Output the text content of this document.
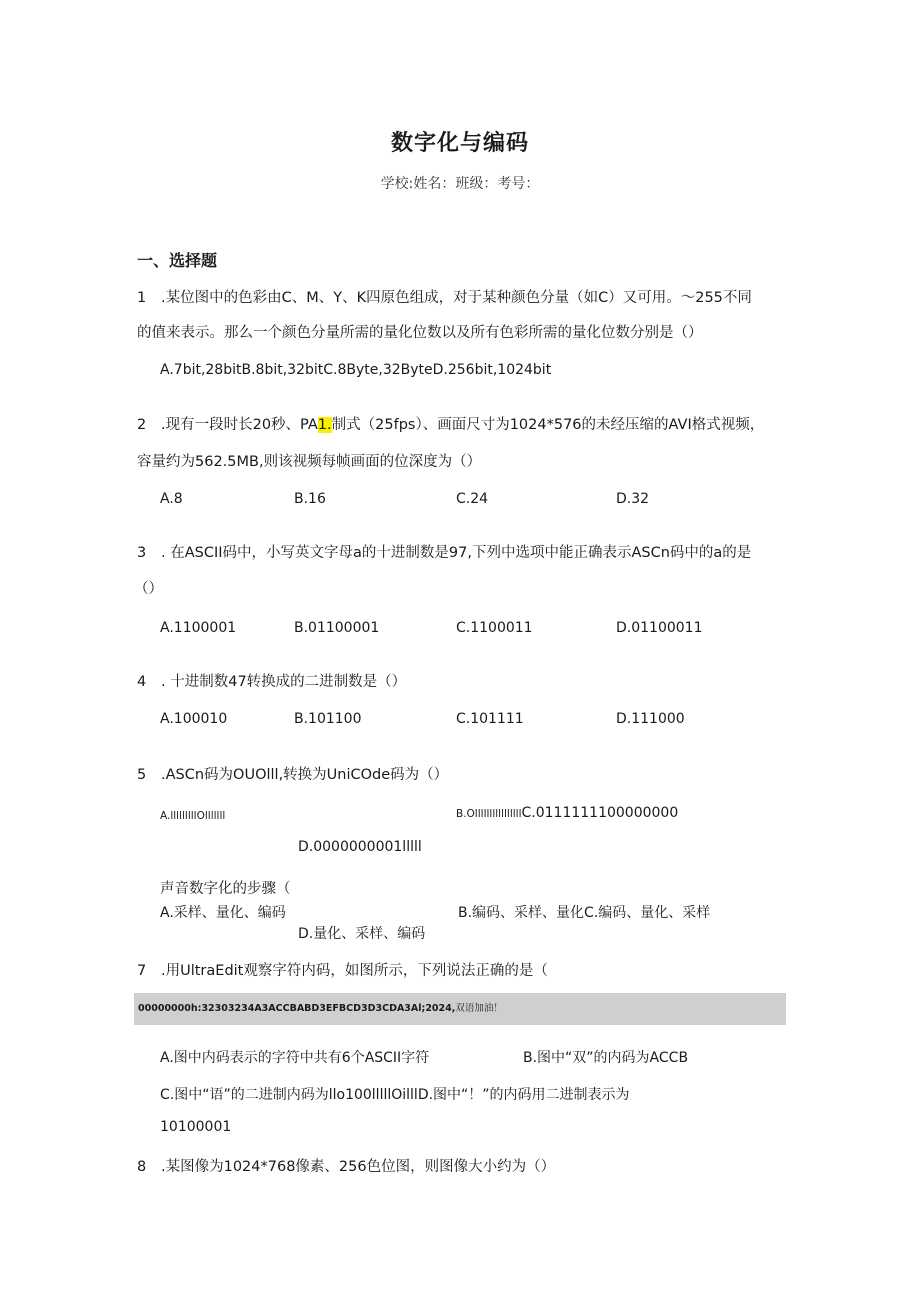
数字化与编码
学校:姓名：班级：考号：
一、选择题
1 .某位图中的色彩由C、M、Y、K四原色组成，对于某种颜色分量（如C）又可用。～255不同
的值来表示。那么一个颜色分量所需的量化位数以及所有色彩所需的量化位数分别是（）
A.7bit,28bitB.8bit,32bitC.8Byte,32ByteD.256bit,1024bit
2 .现有一段时长20秒、PA1.制式（25fps）、画面尺寸为1024*576的未经压缩的AVI格式视频，
容量约为562.5MB,则该视频每帧画面的位深度为（）
A.8	B.16	C.24	D.32
3 . 在ASCII码中，小写英文字母a的十进制数是97,下列中选项中能正确表示ASCn码中的a的是
（）
A.1100001	B.01100001	C.1100011	D.01100011
4 . 十进制数47转换成的二进制数是（）
A.100010	B.101100	C.101111	D.111000
5 .ASCn码为OUOlll,转换为UniCOde码为（）
A.lllllllllOlllllll	B.OllllllllllllllllC.0111111100000000
D.0000000001lllll
声音数字化的步骤（
A.采样、量化、编码	B.编码、采样、量化C.编码、量化、采样
D.量化、采样、编码
7 .用UltraEdit观察字符内码，如图所示，下列说法正确的是（
00000000h:32303234A3ACCBABD3EFBCD3D3CDA3Al;2024,双语加油！
A.图中内码表示的字符中共有6个ASCII字符	B.图中“双”的内码为ACCB
C.图中“语”的二进制内码为llo100lllllOilllD.图中“！”的内码用二进制表示为
10100001
8 .某图像为1024*768像素、256色位图，则图像大小约为（）
